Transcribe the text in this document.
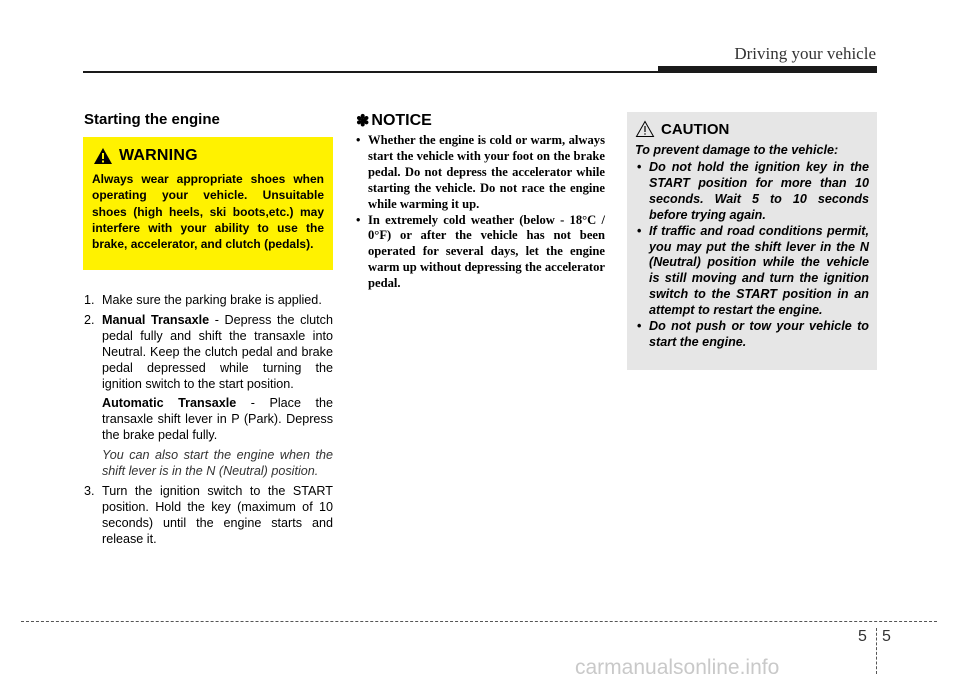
Driving your vehicle
Starting the engine
WARNING
Always wear appropriate shoes when operating your vehicle. Unsuitable shoes (high heels, ski boots,etc.) may interfere with your ability to use the brake, accelerator, and clutch (pedals).
1. Make sure the parking brake is applied.

2. Manual Transaxle - Depress the clutch pedal fully and shift the transaxle into Neutral. Keep the clutch pedal and brake pedal depressed while turning the ignition switch to the start position.

Automatic Transaxle - Place the transaxle shift lever in P (Park). Depress the brake pedal fully.

You can also start the engine when the shift lever is in the N (Neutral) position.

3. Turn the ignition switch to the START position. Hold the key (maximum of 10 seconds) until the engine starts and release it.

✽ NOTICE
• Whether the engine is cold or warm, always start the vehicle with your foot on the brake pedal. Do not depress the accelerator while starting the vehicle. Do not race the engine while warming it up.
• In extremely cold weather (below - 18°C / 0°F) or after the vehicle has not been operated for several days, let the engine warm up without depressing the accelerator pedal.
CAUTION
To prevent damage to the vehicle:
• Do not hold the ignition key in the START position for more than 10 seconds. Wait 5 to 10 seconds before trying again.
• If traffic and road conditions permit, you may put the shift lever in the N (Neutral) position while the vehicle is still moving and turn the ignition switch to the START position in an attempt to restart the engine.
• Do not push or tow your vehicle to start the engine.
5 5
carmanualsonline.info
